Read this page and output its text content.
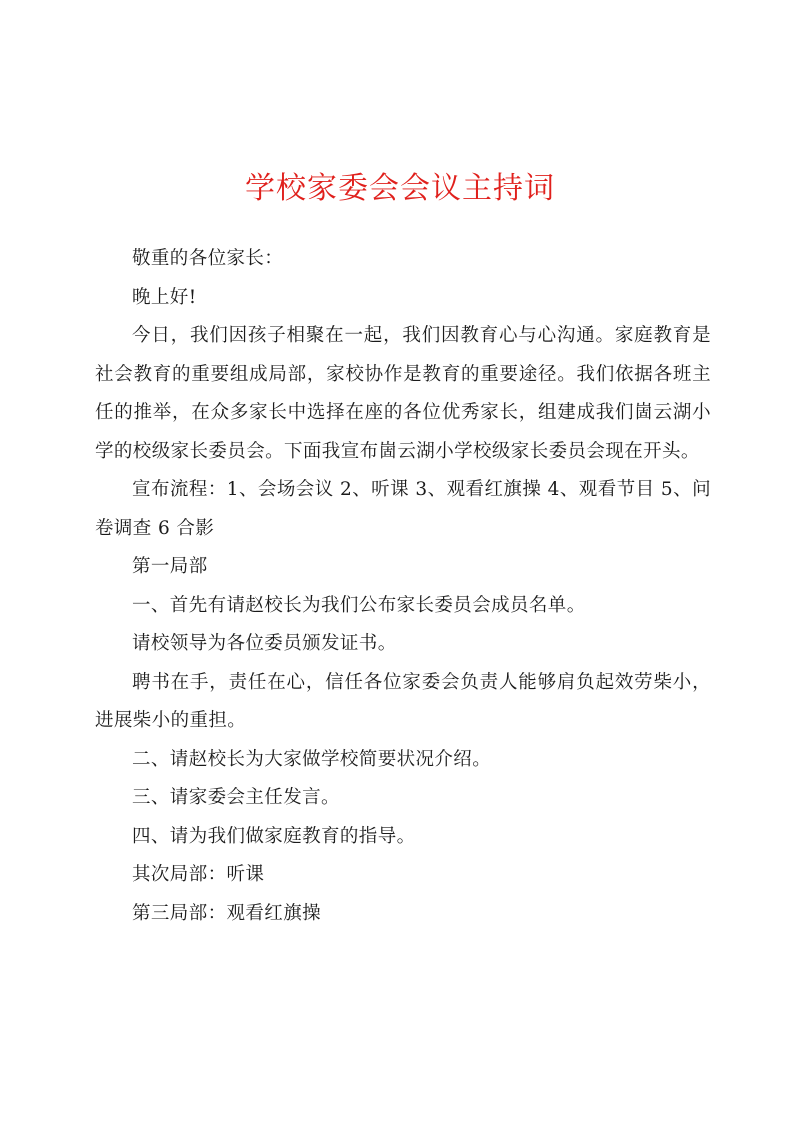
学校家委会会议主持词

敬重的各位家长：

晚上好!

今日，我们因孩子相聚在一起，我们因教育心与心沟通。家庭教育是社会教育的重要组成局部，家校协作是教育的重要途径。我们依据各班主任的推举，在众多家长中选择在座的各位优秀家长，组建成我们崮云湖小学的校级家长委员会。下面我宣布崮云湖小学校级家长委员会现在开头。

宣布流程：1、会场会议 2、听课 3、观看红旗操 4、观看节目 5、问卷调查 6 合影

第一局部

一、首先有请赵校长为我们公布家长委员会成员名单。

请校领导为各位委员颁发证书。

聘书在手，责任在心，信任各位家委会负责人能够肩负起效劳柴小，进展柴小的重担。

二、请赵校长为大家做学校简要状况介绍。

三、请家委会主任发言。

四、请为我们做家庭教育的指导。

其次局部：听课

第三局部：观看红旗操
